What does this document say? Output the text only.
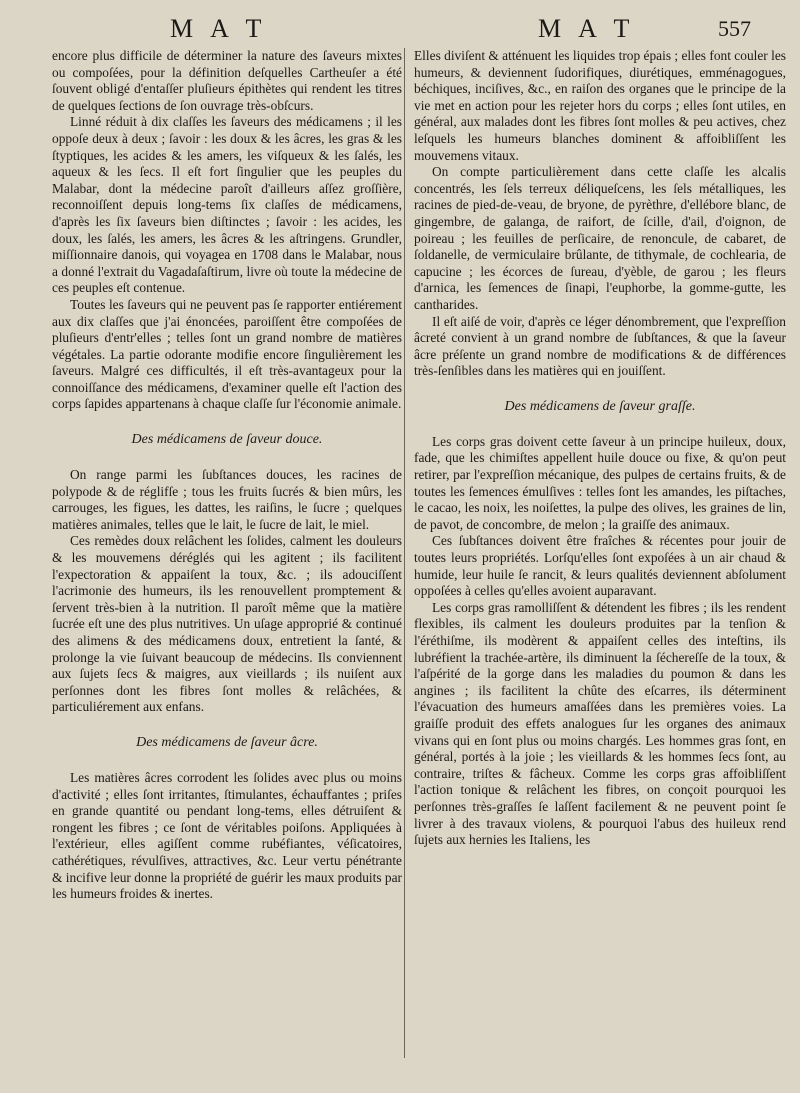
M A T	M A T	557

encore plus difficile de déterminer la nature des ſaveurs mixtes ou compoſées, pour la définition deſquelles Cartheuſer a été ſouvent obligé d'entaſſer pluſieurs épithètes qui rendent les titres de quelques ſections de ſon ouvrage très-obſcurs.

Linné réduit à dix claſſes les ſaveurs des médicamens ; il les oppoſe deux à deux ; ſavoir : les doux & les âcres, les gras & les ſtyptiques, les acides & les amers, les viſqueux & les ſalés, les aqueux & les ſecs. Il eſt fort ſingulier que les peuples du Malabar, dont la médecine paroît d'ailleurs aſſez groſſière, reconnoiſſent depuis long-tems ſix claſſes de médicamens, d'après les ſix ſaveurs bien diſtinctes ; ſavoir : les acides, les doux, les ſalés, les amers, les âcres & les aſtringens. Grundler, miſſionnaire danois, qui voyagea en 1708 dans le Malabar, nous a donné l'extrait du Vagadaſaſtirum, livre où toute la médecine de ces peuples eſt contenue.

Toutes les ſaveurs qui ne peuvent pas ſe rapporter entiérement aux dix claſſes que j'ai énoncées, paroiſſent être compoſées de pluſieurs d'entr'elles ; telles ſont un grand nombre de matières végétales. La partie odorante modifie encore ſingulièrement les ſaveurs. Malgré ces difficultés, il eſt très-avantageux pour la connoiſſance des médicamens, d'examiner quelle eſt l'action des corps ſapides appartenans à chaque claſſe ſur l'économie animale.

Des médicamens de ſaveur douce.

On range parmi les ſubſtances douces, les racines de polypode & de réglifſe ; tous les fruits ſucrés & bien mûrs, les carrouges, les figues, les dattes, les raiſins, le ſucre ; quelques matières animales, telles que le lait, le ſucre de lait, le miel.

Ces remèdes doux relâchent les ſolides, calment les douleurs & les mouvemens déréglés qui les agitent ; ils facilitent l'expectoration & appaiſent la toux, &c. ; ils adouciſſent l'acrimonie des humeurs, ils les renouvellent promptement & ſervent très-bien à la nutrition. Il paroît même que la matière ſucrée eſt une des plus nutritives. Un uſage approprié & continué des alimens & des médicamens doux, entretient la ſanté, & prolonge la vie ſuivant beaucoup de médecins. Ils conviennent aux ſujets ſecs & maigres, aux vieillards ; ils nuiſent aux perſonnes dont les fibres ſont molles & relâchées, & particuliérement aux enfans.

Des médicamens de ſaveur âcre.

Les matières âcres corrodent les ſolides avec plus ou moins d'activité ; elles ſont irritantes, ſtimulantes, échauffantes ; priſes en grande quantité ou pendant long-tems, elles détruiſent & rongent les fibres ; ce ſont de véritables poiſons. Appliquées à l'extérieur, elles agiſſent comme rubéfiantes, véſicatoires, cathérétiques, révulſives, attractives, &c. Leur vertu pénétrante & incifive leur donne la propriété de guérir les maux produits par les humeurs froides & inertes.

Elles diviſent & atténuent les liquides trop épais ; elles font couler les humeurs, & deviennent ſudorifiques, diurétiques, emménagogues, béchiques, inciſives, &c., en raiſon des organes que le principe de la vie met en action pour les rejeter hors du corps ; elles ſont utiles, en général, aux malades dont les fibres ſont molles & peu actives, chez leſquels les humeurs blanches dominent & affoibliſſent les mouvemens vitaux.

On compte particulièrement dans cette claſſe les alcalis concentrés, les ſels terreux déliqueſcens, les ſels métalliques, les racines de pied-de-veau, de bryone, de pyrèthre, d'ellébore blanc, de gingembre, de galanga, de raifort, de ſcille, d'ail, d'oignon, de poireau ; les feuilles de perſicaire, de renoncule, de cabaret, de ſoldanelle, de vermiculaire brûlante, de tithymale, de cochlearia, de capucine ; les écorces de ſureau, d'yèble, de garou ; les fleurs d'arnica, les ſemences de ſinapi, l'euphorbe, la gomme-gutte, les cantharides.

Il eſt aiſé de voir, d'après ce léger dénombrement, que l'expreſſion âcreté convient à un grand nombre de ſubſtances, & que la ſaveur âcre préſente un grand nombre de modifications & de différences très-ſenſibles dans les matières qui en jouiſſent.

Des médicamens de ſaveur graſſe.

Les corps gras doivent cette ſaveur à un principe huileux, doux, fade, que les chimiſtes appellent huile douce ou fixe, & qu'on peut retirer, par l'expreſſion mécanique, des pulpes de certains fruits, & de toutes les ſemences émulſives : telles ſont les amandes, les piſtaches, le cacao, les noix, les noiſettes, la pulpe des olives, les graines de lin, de pavot, de concombre, de melon ; la graiſſe des animaux.

Ces ſubſtances doivent être fraîches & récentes pour jouir de toutes leurs propriétés. Lorſqu'elles ſont expoſées à un air chaud & humide, leur huile ſe rancit, & leurs qualités deviennent abſolument oppoſées à celles qu'elles avoient auparavant.

Les corps gras ramolliſſent & détendent les fibres ; ils les rendent flexibles, ils calment les douleurs produites par la tenſion & l'éréthiſme, ils modèrent & appaiſent celles des inteſtins, ils lubréfient la trachée-artère, ils diminuent la ſéchereſſe de la toux, & l'aſpérité de la gorge dans les maladies du poumon & dans les angines ; ils facilitent la chûte des eſcarres, ils déterminent l'évacuation des humeurs amaſſées dans les premières voies. La graiſſe produit des effets analogues ſur les organes des animaux vivans qui en ſont plus ou moins chargés. Les hommes gras ſont, en général, portés à la joie ; les vieillards & les hommes ſecs ſont, au contraire, triſtes & fâcheux. Comme les corps gras affoibliſſent l'action tonique & relâchent les fibres, on conçoit pourquoi les perſonnes très-graſſes ſe laſſent facilement & ne peuvent point ſe livrer à des travaux violens, & pourquoi l'abus des huileux rend ſujets aux hernies les Italiens, les
